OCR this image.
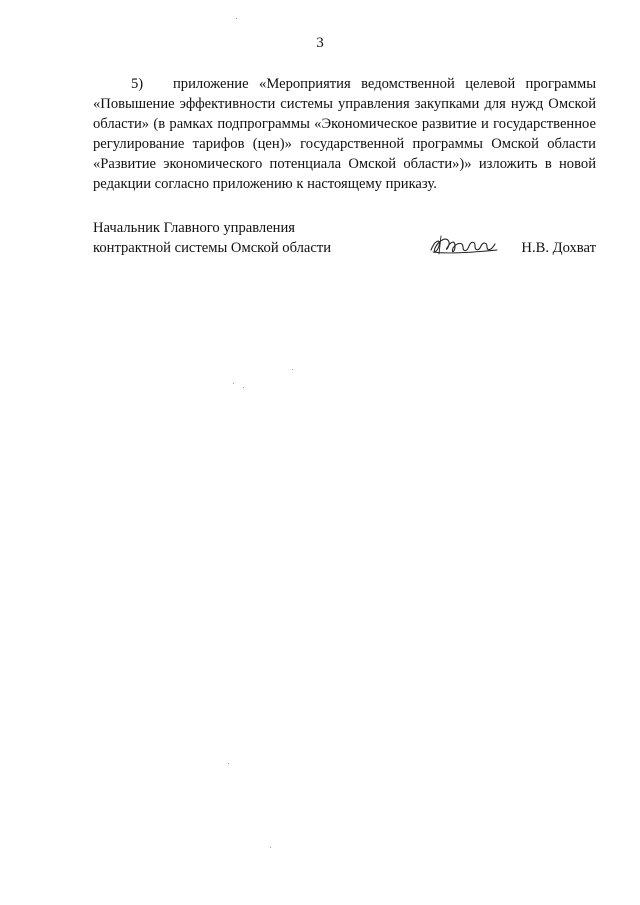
3
5) приложение «Мероприятия ведомственной целевой программы «Повышение эффективности системы управления закупками для нужд Омской области» (в рамках подпрограммы «Экономическое развитие и государственное регулирование тарифов (цен)» государственной программы Омской области «Развитие экономического потенциала Омской области»)» изложить в новой редакции согласно приложению к настоящему приказу.
Начальник Главного управления
контрактной системы Омской области	Н.В. Дохват
